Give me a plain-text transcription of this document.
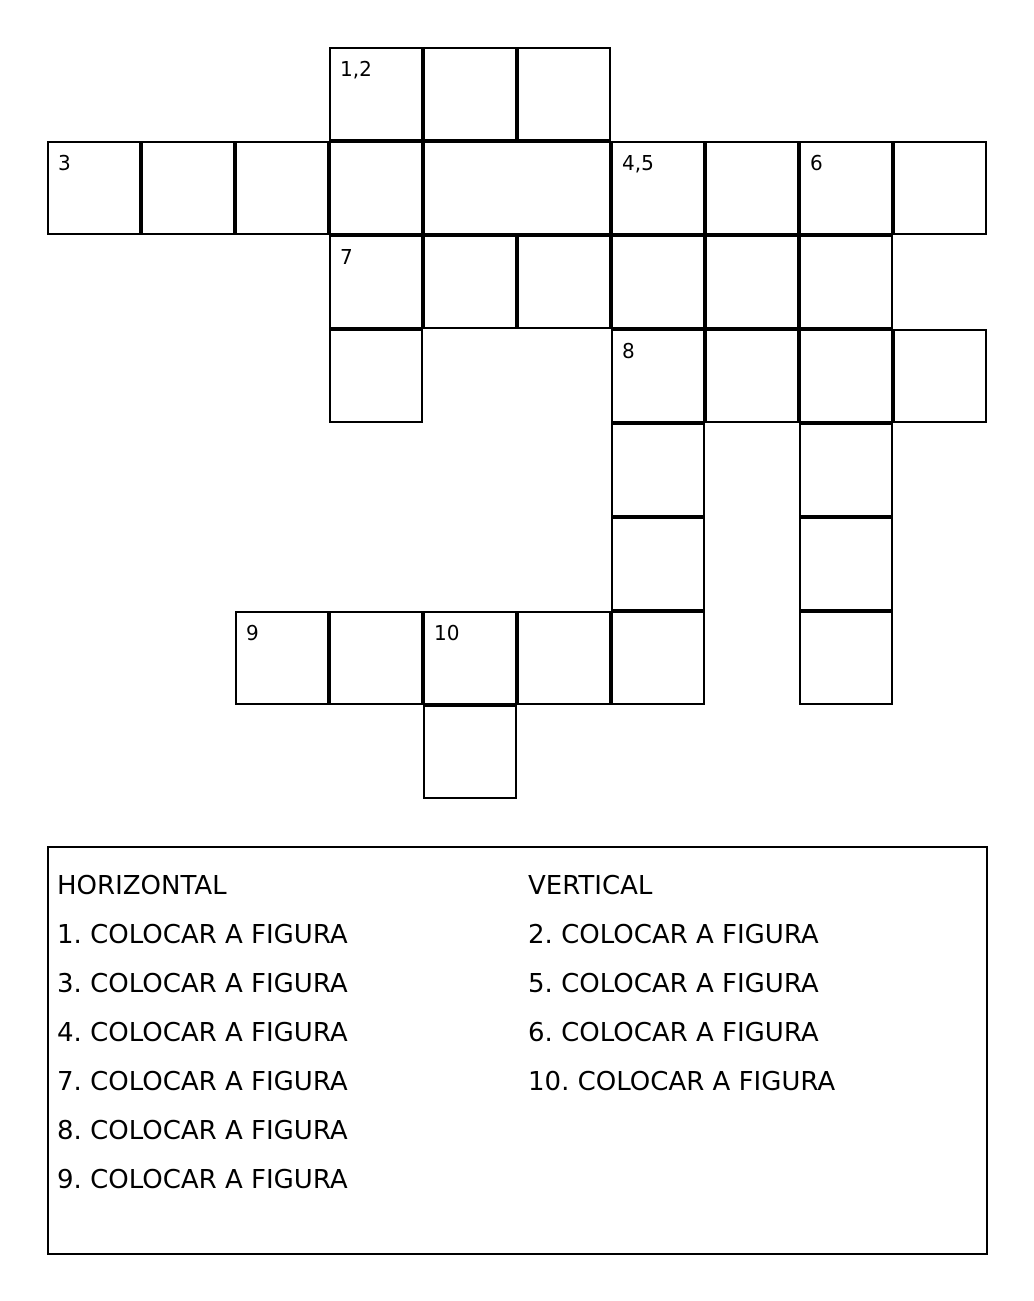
1,2
3	4,5	6
7
8
9	10
HORIZONTAL
1. COLOCAR A FIGURA
3. COLOCAR A FIGURA
4. COLOCAR A FIGURA
7. COLOCAR A FIGURA
8. COLOCAR A FIGURA
9. COLOCAR A FIGURA
VERTICAL
2. COLOCAR A FIGURA
5. COLOCAR A FIGURA
6. COLOCAR A FIGURA
10. COLOCAR A FIGURA
